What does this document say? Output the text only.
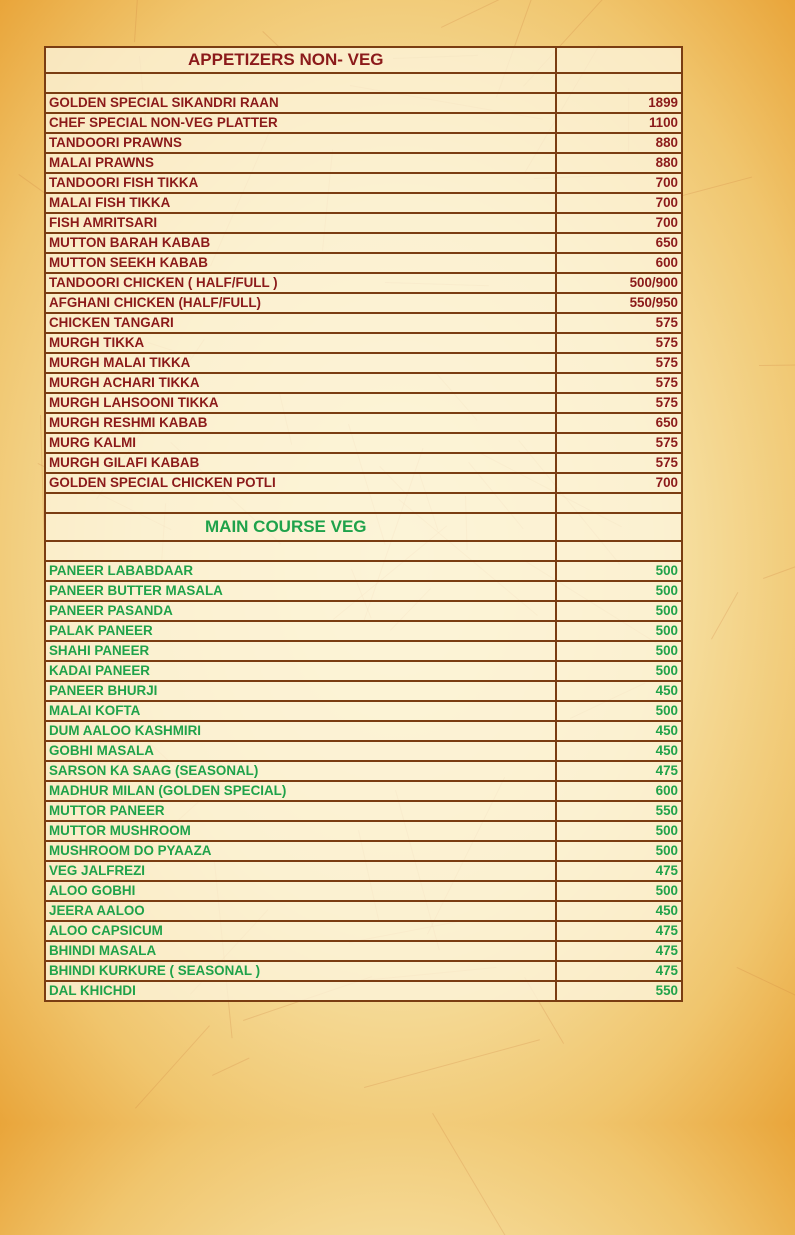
APPETIZERS NON- VEG	

GOLDEN SPECIAL SIKANDRI RAAN	1899
CHEF SPECIAL NON-VEG PLATTER	1100
TANDOORI PRAWNS	880
MALAI PRAWNS	880
TANDOORI FISH TIKKA	700
MALAI FISH TIKKA	700
FISH AMRITSARI	700
MUTTON BARAH KABAB	650
MUTTON SEEKH KABAB	600
TANDOORI CHICKEN ( HALF/FULL )	500/900
AFGHANI CHICKEN (HALF/FULL)	550/950
CHICKEN TANGARI	575
MURGH TIKKA	575
MURGH MALAI TIKKA	575
MURGH ACHARI TIKKA	575
MURGH LAHSOONI TIKKA	575
MURGH RESHMI KABAB	650
MURG KALMI	575
MURGH GILAFI KABAB	575
GOLDEN SPECIAL CHICKEN POTLI	700

MAIN COURSE VEG	

PANEER LABABDAAR	500
PANEER BUTTER MASALA	500
PANEER PASANDA	500
PALAK PANEER	500
SHAHI PANEER	500
KADAI PANEER	500
PANEER BHURJI	450
MALAI KOFTA	500
DUM AALOO KASHMIRI	450
GOBHI MASALA	450
SARSON KA SAAG (SEASONAL)	475
MADHUR MILAN (GOLDEN SPECIAL)	600
MUTTOR PANEER	550
MUTTOR MUSHROOM	500
MUSHROOM DO PYAAZA	500
VEG JALFREZI	475
ALOO GOBHI	500
JEERA AALOO	450
ALOO CAPSICUM	475
BHINDI MASALA	475
BHINDI KURKURE ( SEASONAL )	475
DAL KHICHDI	550
